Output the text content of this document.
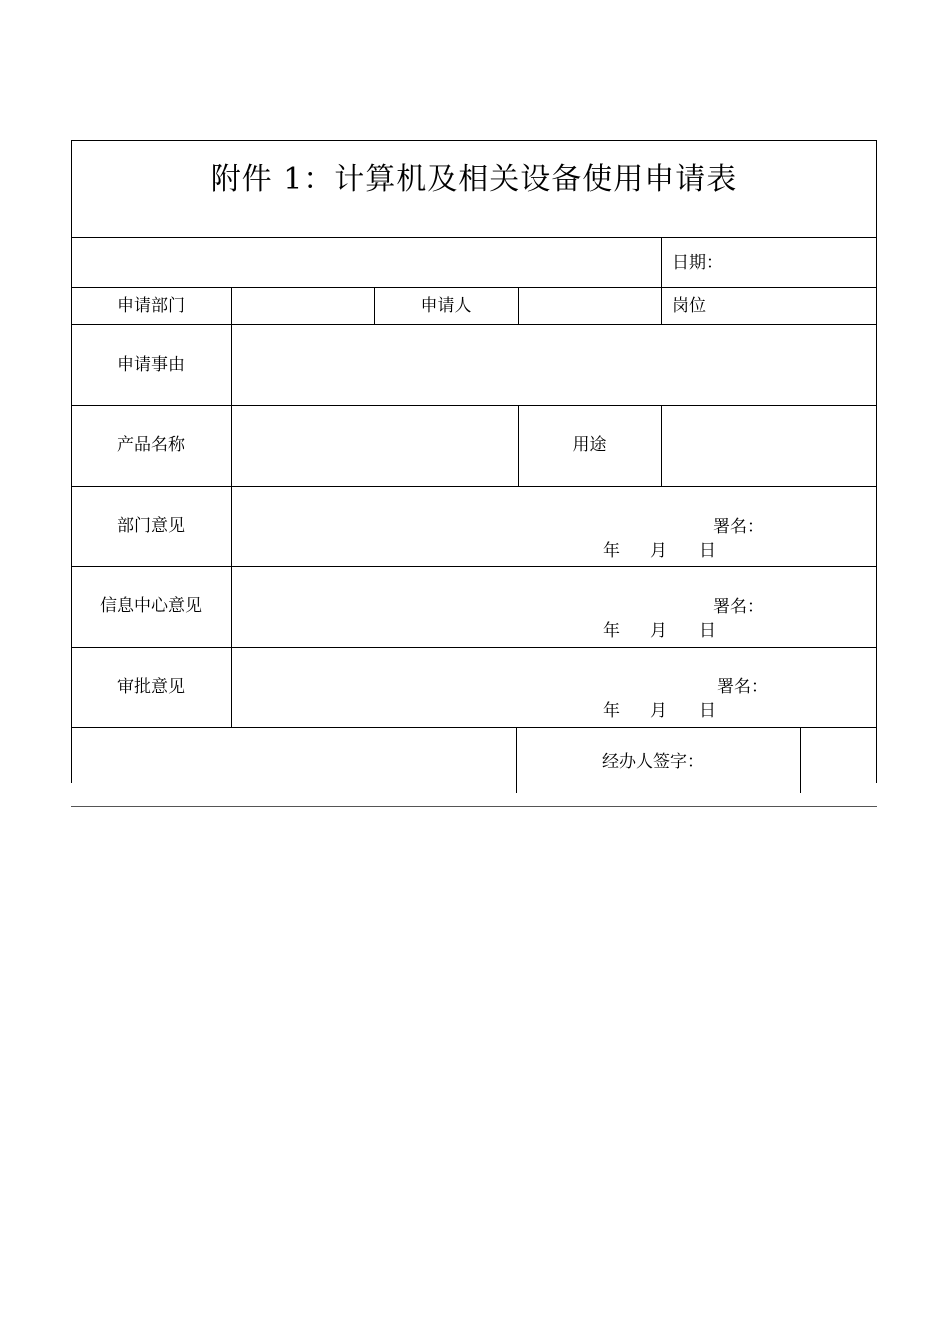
附件 1：计算机及相关设备使用申请表
日期：
申请部门	申请人	岗位
申请事由
产品名称	用途
部门意见	署名：
年 月 日
信息中心意见	署名：
年 月 日
审批意见	署名：
年 月 日
经办人签字：
